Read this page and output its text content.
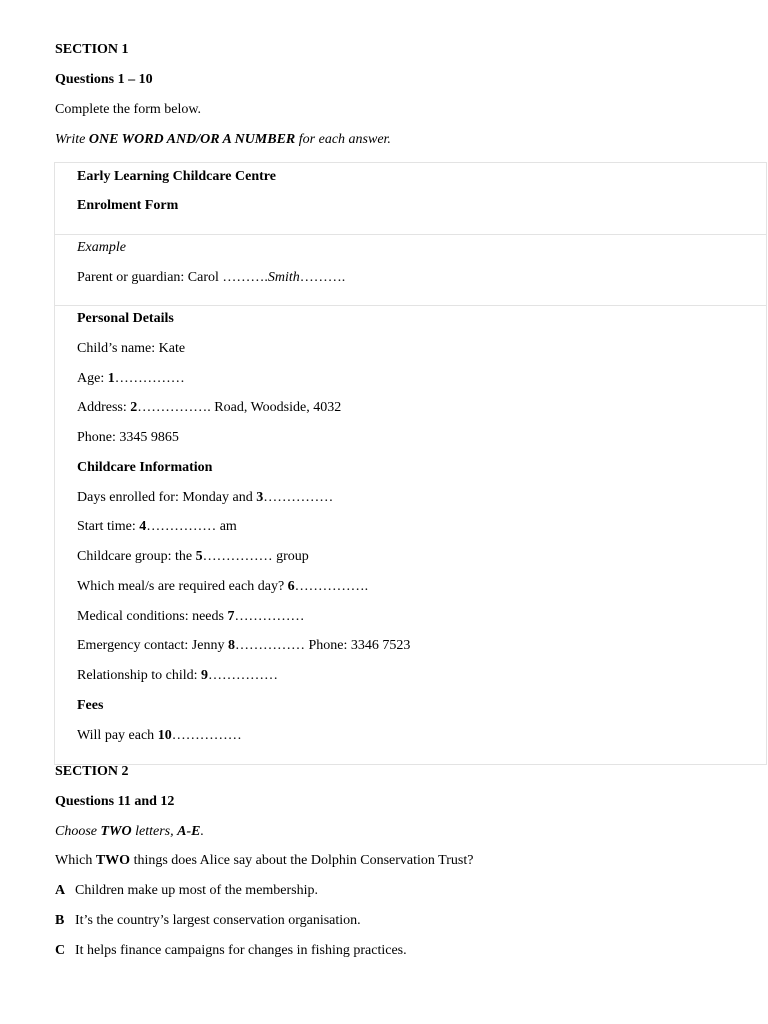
SECTION 1
Questions 1 – 10
Complete the form below.
Write ONE WORD AND/OR A NUMBER for each answer.
Early Learning Childcare Centre
Enrolment Form
Example
Parent or guardian: Carol ……….Smith……….
Personal Details
Child’s name: Kate
Age: 1……………
Address: 2……………. Road, Woodside, 4032
Phone: 3345 9865
Childcare Information
Days enrolled for: Monday and 3……………
Start time: 4…………… am
Childcare group: the 5…………… group
Which meal/s are required each day? 6…………….
Medical conditions: needs 7……………
Emergency contact: Jenny 8…………… Phone: 3346 7523
Relationship to child: 9……………
Fees
Will pay each 10……………
SECTION 2
Questions 11 and 12
Choose TWO letters, A-E.
Which TWO things does Alice say about the Dolphin Conservation Trust?
A Children make up most of the membership.
B It’s the country’s largest conservation organisation.
C It helps finance campaigns for changes in fishing practices.
